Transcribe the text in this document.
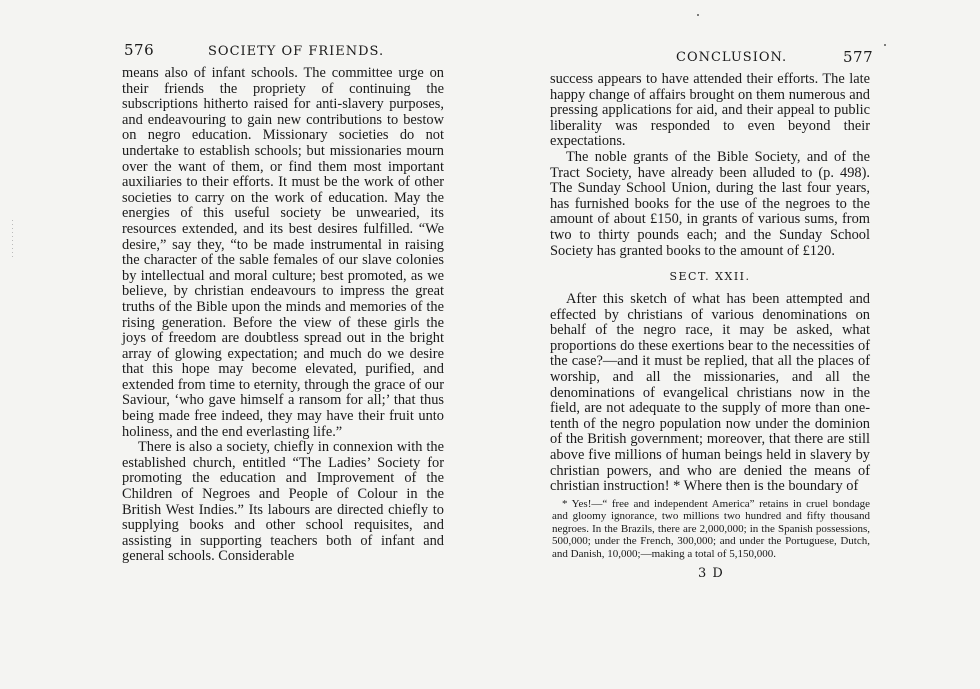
576	SOCIETY OF FRIENDS.

means also of infant schools. The committee urge on their friends the propriety of continuing the subscriptions hitherto raised for anti-slavery purposes, and endeavouring to gain new contributions to bestow on negro education. Missionary societies do not undertake to establish schools; but missionaries mourn over the want of them, or find them most important auxiliaries to their efforts. It must be the work of other societies to carry on the work of education. May the energies of this useful society be unwearied, its resources extended, and its best desires fulfilled. “We desire,” say they, “to be made instrumental in raising the character of the sable females of our slave colonies by intellectual and moral culture; best promoted, as we believe, by christian endeavours to impress the great truths of the Bible upon the minds and memories of the rising generation. Before the view of these girls the joys of freedom are doubtless spread out in the bright array of glowing expectation; and much do we desire that this hope may become elevated, purified, and extended from time to eternity, through the grace of our Saviour, ‘who gave himself a ransom for all;’ that thus being made free indeed, they may have their fruit unto holiness, and the end everlasting life.”

There is also a society, chiefly in connexion with the established church, entitled “The Ladies’ Society for promoting the education and Improvement of the Children of Negroes and People of Colour in the British West Indies.” Its labours are directed chiefly to supplying books and other school requisites, and assisting in supporting teachers both of infant and general schools. Considerable

CONCLUSION.	577

success appears to have attended their efforts. The late happy change of affairs brought on them numerous and pressing applications for aid, and their appeal to public liberality was responded to even beyond their expectations.

The noble grants of the Bible Society, and of the Tract Society, have already been alluded to (p. 498). The Sunday School Union, during the last four years, has furnished books for the use of the negroes to the amount of about £150, in grants of various sums, from two to thirty pounds each; and the Sunday School Society has granted books to the amount of £120.

SECT. XXII.

After this sketch of what has been attempted and effected by christians of various denominations on behalf of the negro race, it may be asked, what proportions do these exertions bear to the necessities of the case?—and it must be replied, that all the places of worship, and all the missionaries, and all the denominations of evangelical christians now in the field, are not adequate to the supply of more than one-tenth of the negro population now under the dominion of the British government; moreover, that there are still above five millions of human beings held in slavery by christian powers, and who are denied the means of christian instruction! * Where then is the boundary of

* Yes!—“ free and independent America” retains in cruel bondage and gloomy ignorance, two millions two hundred and fifty thousand negroes. In the Brazils, there are 2,000,000; in the Spanish possessions, 500,000; under the French, 300,000; and under the Portuguese, Dutch, and Danish, 10,000;—making a total of 5,150,000.
3 D
